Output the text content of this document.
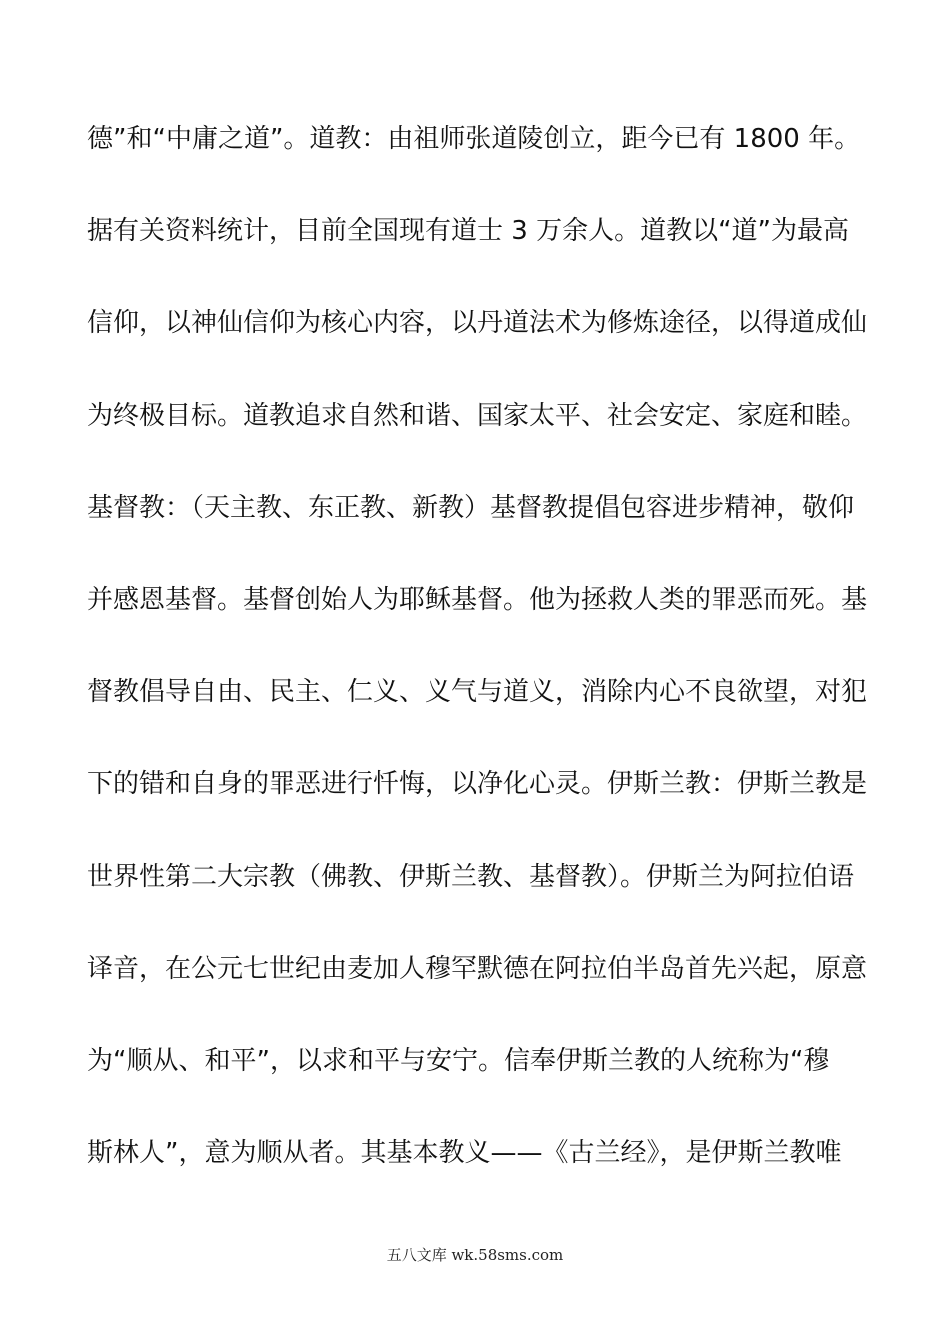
德”和“中庸之道”。道教：由祖师张道陵创立，距今已有 1800 年。
据有关资料统计，目前全国现有道士 3 万余人。道教以“道”为最高
信仰，以神仙信仰为核心内容，以丹道法术为修炼途径，以得道成仙
为终极目标。道教追求自然和谐、国家太平、社会安定、家庭和睦。
基督教：（天主教、东正教、新教）基督教提倡包容进步精神，敬仰
并感恩基督。基督创始人为耶稣基督。他为拯救人类的罪恶而死。基
督教倡导自由、民主、仁义、义气与道义，消除内心不良欲望，对犯
下的错和自身的罪恶进行忏悔，以净化心灵。伊斯兰教：伊斯兰教是
世界性第二大宗教（佛教、伊斯兰教、基督教）。伊斯兰为阿拉伯语
译音，在公元七世纪由麦加人穆罕默德在阿拉伯半岛首先兴起，原意
为“顺从、和平”，以求和平与安宁。信奉伊斯兰教的人统称为“穆
斯林人”，意为顺从者。其基本教义——《古兰经》，是伊斯兰教唯
五八文库 wk.58sms.com
